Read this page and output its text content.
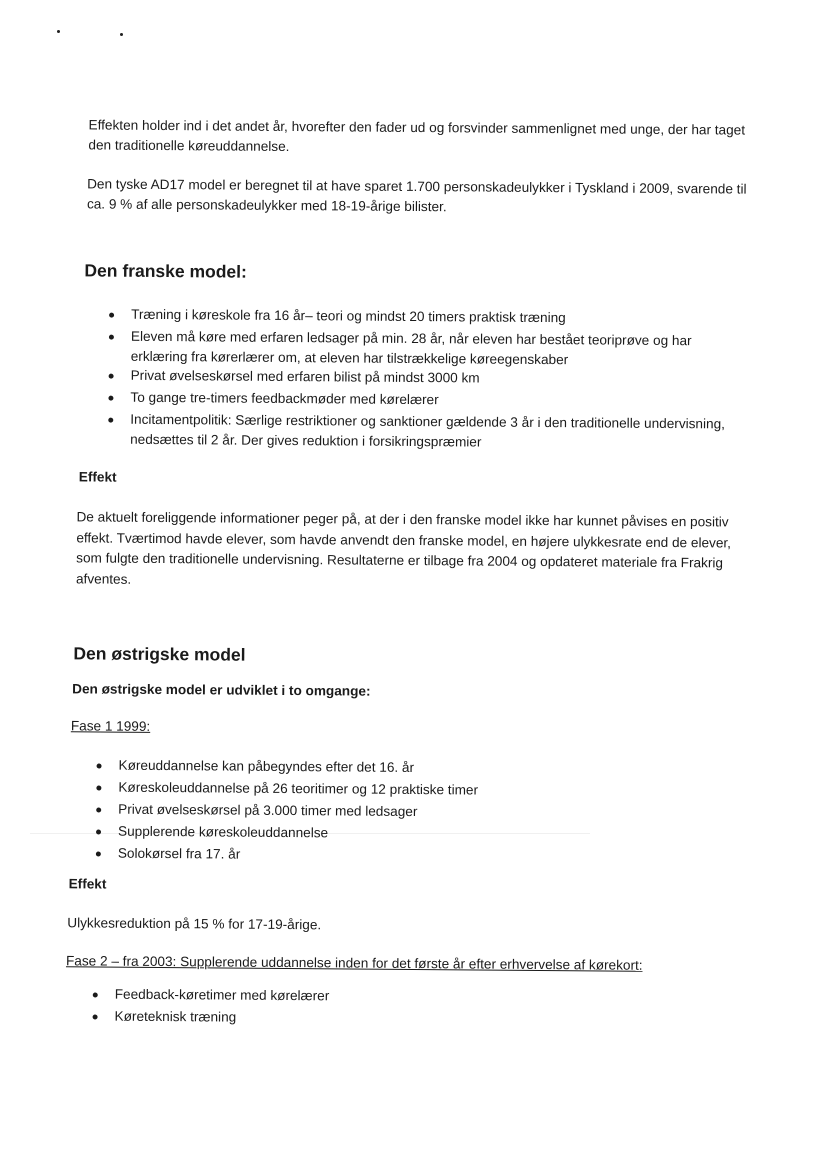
Effekten holder ind i det andet år, hvorefter den fader ud og forsvinder sammenlignet med unge, der har taget den traditionelle køreuddannelse.

Den tyske AD17 model er beregnet til at have sparet 1.700 personskadeulykker i Tyskland i 2009, svarende til ca. 9 % af alle personskadeulykker med 18-19-årige bilister.

Den franske model:
Træning i køreskole fra 16 år– teori og mindst 20 timers praktisk træning
Eleven må køre med erfaren ledsager på min. 28 år, når eleven har bestået teoriprøve og har erklæring fra kørerlærer om, at eleven har tilstrækkelige køreegenskaber
Privat øvelseskørsel med erfaren bilist på mindst 3000 km
To gange tre-timers feedbackmøder med kørelærer
Incitamentpolitik: Særlige restriktioner og sanktioner gældende 3 år i den traditionelle undervisning, nedsættes til 2 år. Der gives reduktion i forsikringspræmier
Effekt

De aktuelt foreliggende informationer peger på, at der i den franske model ikke har kunnet påvises en positiv effekt. Tværtimod havde elever, som havde anvendt den franske model, en højere ulykkesrate end de elever, som fulgte den traditionelle undervisning. Resultaterne er tilbage fra 2004 og opdateret materiale fra Frakrig afventes.

Den østrigske model
Den østrigske model er udviklet i to omgange:

Fase 1 1999:

Køreuddannelse kan påbegyndes efter det 16. år
Køreskoleuddannelse på 26 teoritimer og 12 praktiske timer
Privat øvelseskørsel på 3.000 timer med ledsager
Supplerende køreskoleuddannelse
Solokørsel fra 17. år
Effekt

Ulykkesreduktion på 15 % for 17-19-årige.

Fase 2 – fra 2003: Supplerende uddannelse inden for det første år efter erhvervelse af kørekort:

Feedback-køretimer med kørelærer
Køreteknisk træning
